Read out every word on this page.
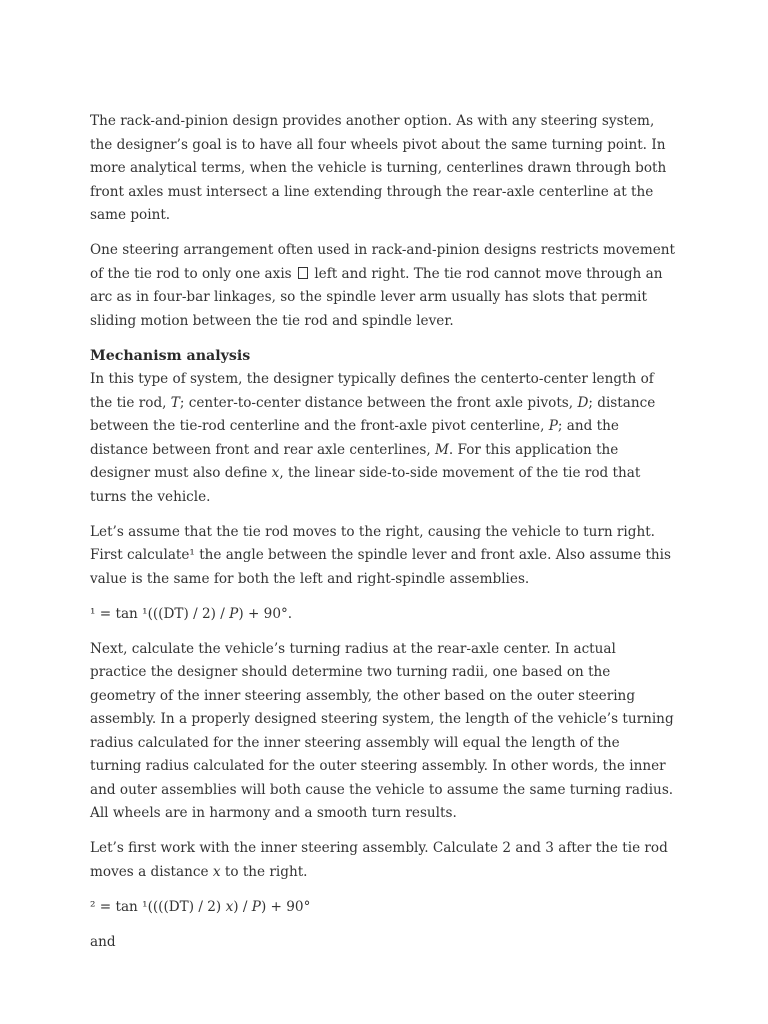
The rack-and-pinion design provides another option. As with any steering system, the designer’s goal is to have all four wheels pivot about the same turning point. In more analytical terms, when the vehicle is turning, centerlines drawn through both front axles must intersect a line extending through the rear-axle centerline at the same point.

One steering arrangement often used in rack-and-pinion designs restricts movement of the tie rod to only one axis left and right. The tie rod cannot move through an arc as in four-bar linkages, so the spindle lever arm usually has slots that permit sliding motion between the tie rod and spindle lever.

Mechanism analysis

In this type of system, the designer typically defines the centerto-center length of the tie rod, T; center-to-center distance between the front axle pivots, D; distance between the tie-rod centerline and the front-axle pivot centerline, P; and the distance between front and rear axle centerlines, M. For this application the designer must also define x, the linear side-to-side movement of the tie rod that turns the vehicle.

Let’s assume that the tie rod moves to the right, causing the vehicle to turn right. First calculate¹ the angle between the spindle lever and front axle. Also assume this value is the same for both the left and right-spindle assemblies.

¹ = tan ¹(((DT) / 2) / P) + 90°.

Next, calculate the vehicle’s turning radius at the rear-axle center. In actual practice the designer should determine two turning radii, one based on the geometry of the inner steering assembly, the other based on the outer steering assembly. In a properly designed steering system, the length of the vehicle’s turning radius calculated for the inner steering assembly will equal the length of the turning radius calculated for the outer steering assembly. In other words, the inner and outer assemblies will both cause the vehicle to assume the same turning radius. All wheels are in harmony and a smooth turn results.

Let’s first work with the inner steering assembly. Calculate 2 and 3 after the tie rod moves a distance x to the right.

² = tan ¹((((DT) / 2) x) / P) + 90°

and
